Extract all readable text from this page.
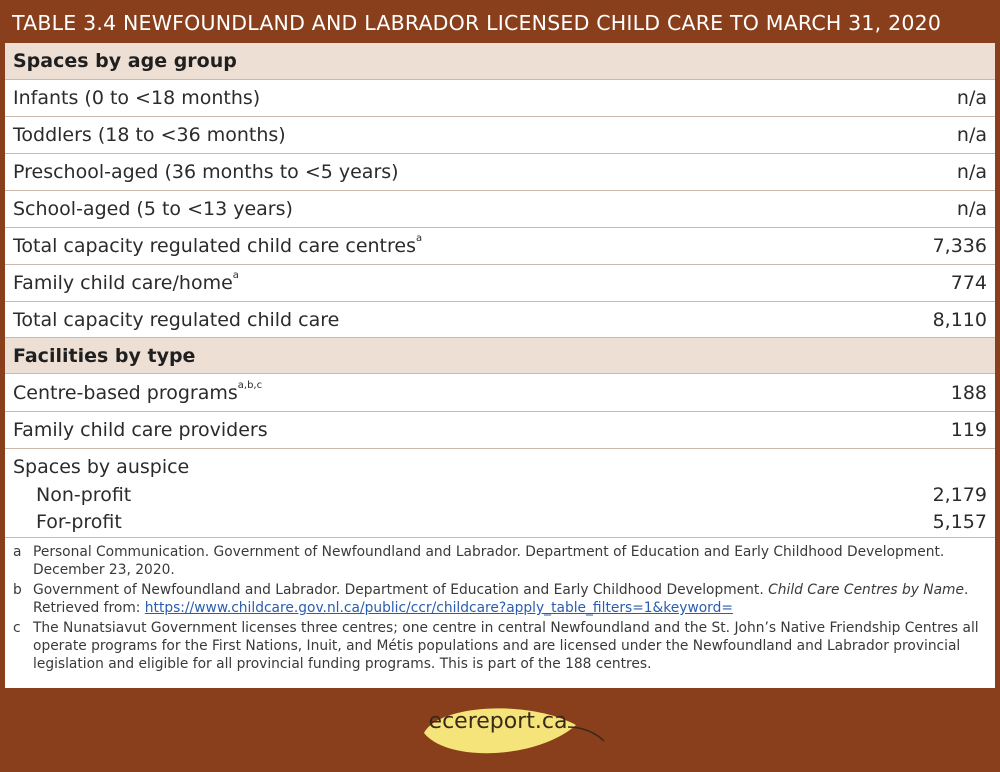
TABLE 3.4 NEWFOUNDLAND AND LABRADOR LICENSED CHILD CARE TO MARCH 31, 2020
Spaces by age group
Infants (0 to <18 months)	n/a
Toddlers (18 to <36 months)	n/a
Preschool-aged (36 months to <5 years)	n/a
School-aged (5 to <13 years)	n/a
Total capacity regulated child care centres$^a$	7,336
Family child care/home$^a$	774
Total capacity regulated child care	8,110
Facilities by type
Centre-based programs$^{a,b,c}$	188
Family child care providers	119
Spaces by auspice
Non-profit	2,179
For-profit	5,157
a Personal Communication. Government of Newfoundland and Labrador. Department of Education and Early Childhood Development. December 23, 2020.
b Government of Newfoundland and Labrador. Department of Education and Early Childhood Development. Child Care Centres by Name. Retrieved from: https://www.childcare.gov.nl.ca/public/ccr/childcare?apply_table_filters=1&keyword=
c The Nunatsiavut Government licenses three centres; one centre in central Newfoundland and the St. John’s Native Friendship Centres all operate programs for the First Nations, Inuit, and Métis populations and are licensed under the Newfoundland and Labrador provincial legislation and eligible for all provincial funding programs. This is part of the 188 centres.
ecereport.ca
